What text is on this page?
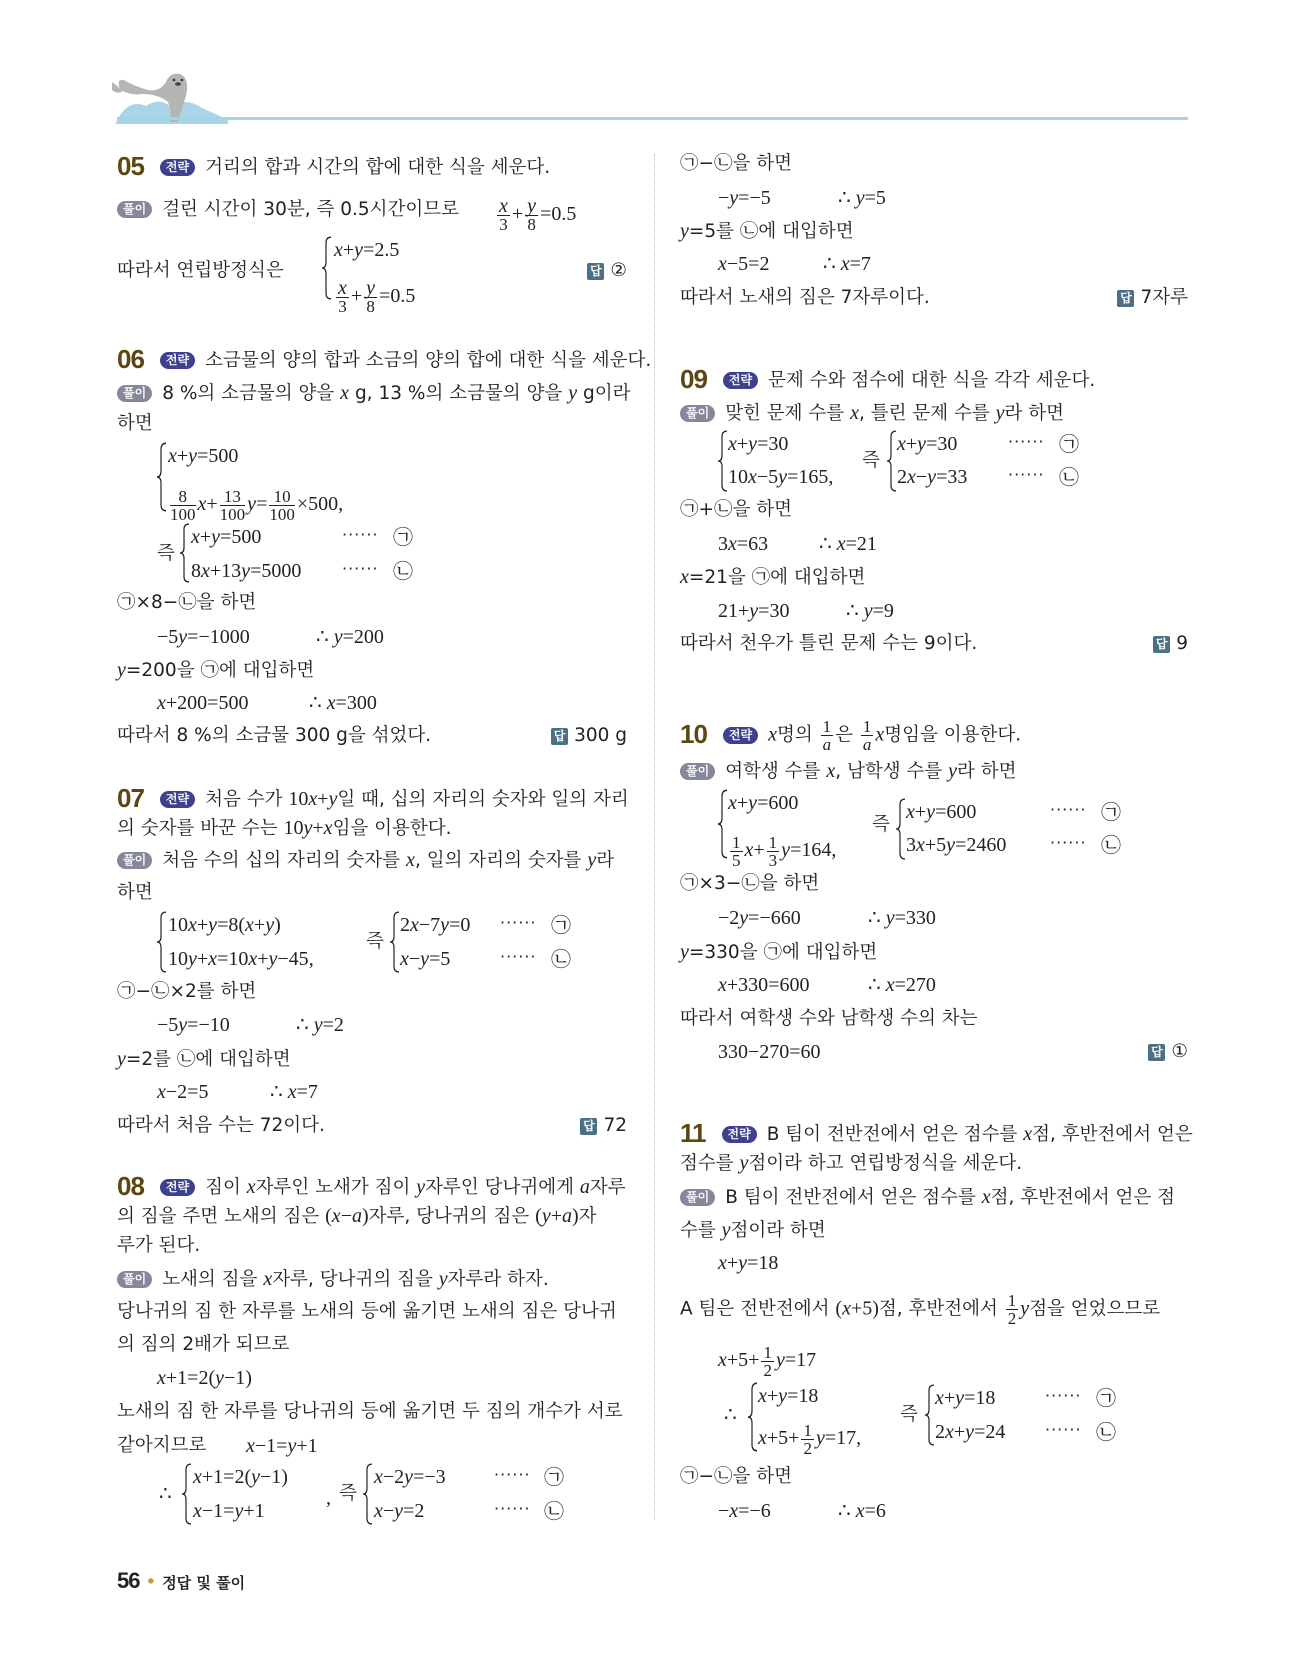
05 전략 거리의 합과 시간의 합에 대한 식을 세운다.
풀이 걸린 시간이 30분, 즉 0.5시간이므로 $\frac{x}{3} + \frac{y}{8} =0.5$
따라서 연립방정식은
x+y=2.5
$\frac{x}{3} + \frac{y}{8} =0.5$
답 ②
06 전략 소금물의 양의 합과 소금의 양의 합에 대한 식을 세운다.
풀이 8 %의 소금물의 양을 x g, 13 %의 소금물의 양을 y g이라
하면
x+y=500
$\frac{8}{100} x+ \frac{13}{100} y= \frac{10}{100} \times 500$,
즉
x+y=500
8x+13y=5000
······
······
㉠
㉡
㉠×8−㉡을 하면
−5y=−1000	∴ y=200
y=200을 ㉠에 대입하면
x+200=500	∴ x=300
따라서 8 %의 소금물 300 g을 섞었다.	답 300 g
07 전략 처음 수가 10x+y일 때, 십의 자리의 숫자와 일의 자리
의 숫자를 바꾼 수는 10y+x임을 이용한다.
풀이 처음 수의 십의 자리의 숫자를 x, 일의 자리의 숫자를 y라
하면
10x+y=8(x+y)
10y+x=10x+y−45,
즉
2x−7y=0
x−y=5
······
······
㉠
㉡
㉠−㉡×2를 하면
−5y=−10	∴ y=2
y=2를 ㉡에 대입하면
x−2=5	∴ x=7
따라서 처음 수는 72이다.	답 72
08 전략 짐이 x자루인 노새가 짐이 y자루인 당나귀에게 a자루
의 짐을 주면 노새의 짐은 (x−a)자루, 당나귀의 짐은 (y+a)자
루가 된다.
풀이 노새의 짐을 x자루, 당나귀의 짐을 y자루라 하자.
당나귀의 짐 한 자루를 노새의 등에 옮기면 노새의 짐은 당나귀
의 짐의 2배가 되므로
x+1=2(y−1)
노새의 짐 한 자루를 당나귀의 등에 옮기면 두 짐의 개수가 서로
같아지므로 x−1=y+1
∴
x+1=2(y−1)
x−1=y+1
, 즉
x−2y=−3
x−y=2
······
······
㉠
㉡
56 • 정답 및 풀이
㉠−㉡을 하면
−y=−5	∴ y=5
y=5를 ㉡에 대입하면
x−5=2	∴ x=7
따라서 노새의 짐은 7자루이다.	답 7자루
09 전략 문제 수와 점수에 대한 식을 각각 세운다.
풀이 맞힌 문제 수를 x, 틀린 문제 수를 y라 하면
x+y=30
10x−5y=165,
즉
x+y=30
2x−y=33
······
······
㉠
㉡
㉠+㉡을 하면
3x=63	∴ x=21
x=21을 ㉠에 대입하면
21+y=30	∴ y=9
따라서 천우가 틀린 문제 수는 9이다.	답 9
10 전략 x명의 $\frac{1}{a}$ 은 $\frac{1}{a}$ x명임을 이용한다.
풀이 여학생 수를 x, 남학생 수를 y라 하면
x+y=600
$\frac{1}{5} x+ \frac{1}{3} y=164$,
즉
x+y=600
3x+5y=2460
······
······
㉠
㉡
㉠×3−㉡을 하면
−2y=−660	∴ y=330
y=330을 ㉠에 대입하면
x+330=600	∴ x=270
따라서 여학생 수와 남학생 수의 차는
330−270=60	답 ①
11 전략 B 팀이 전반전에서 얻은 점수를 x점, 후반전에서 얻은
점수를 y점이라 하고 연립방정식을 세운다.
풀이 B 팀이 전반전에서 얻은 점수를 x점, 후반전에서 얻은 점
수를 y점이라 하면
x+y=18
A 팀은 전반전에서 (x+5)점, 후반전에서 $\frac{1}{2}$ y점을 얻었으므로
$x+5+ \frac{1}{2} y=17$
∴
x+y=18
$x+5+ \frac{1}{2} y=17$,
즉
x+y=18
2x+y=24
······
······
㉠
㉡
㉠−㉡을 하면
−x=−6	∴ x=6
